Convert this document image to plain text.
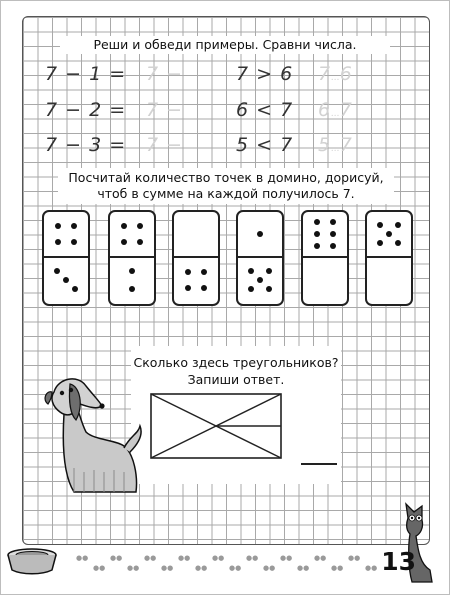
Реши и обведи примеры. Сравни числа.
7 − 1 = 7 −
7 − 2 = 7 −
7 − 3 = 7 −
7 > 6 7...6
6 < 7 6...7
5 < 7 5...7
Посчитай количество точек в домино, дорисуй,
чтоб в сумме на каждой получилось 7.
Сколько здесь треугольников?
Запиши ответ.
●●
●●
●●
●●
●●
●●
●●
●●
●●
●●
●●
●●
●●
●●
●●
●●
●●
●● 13
